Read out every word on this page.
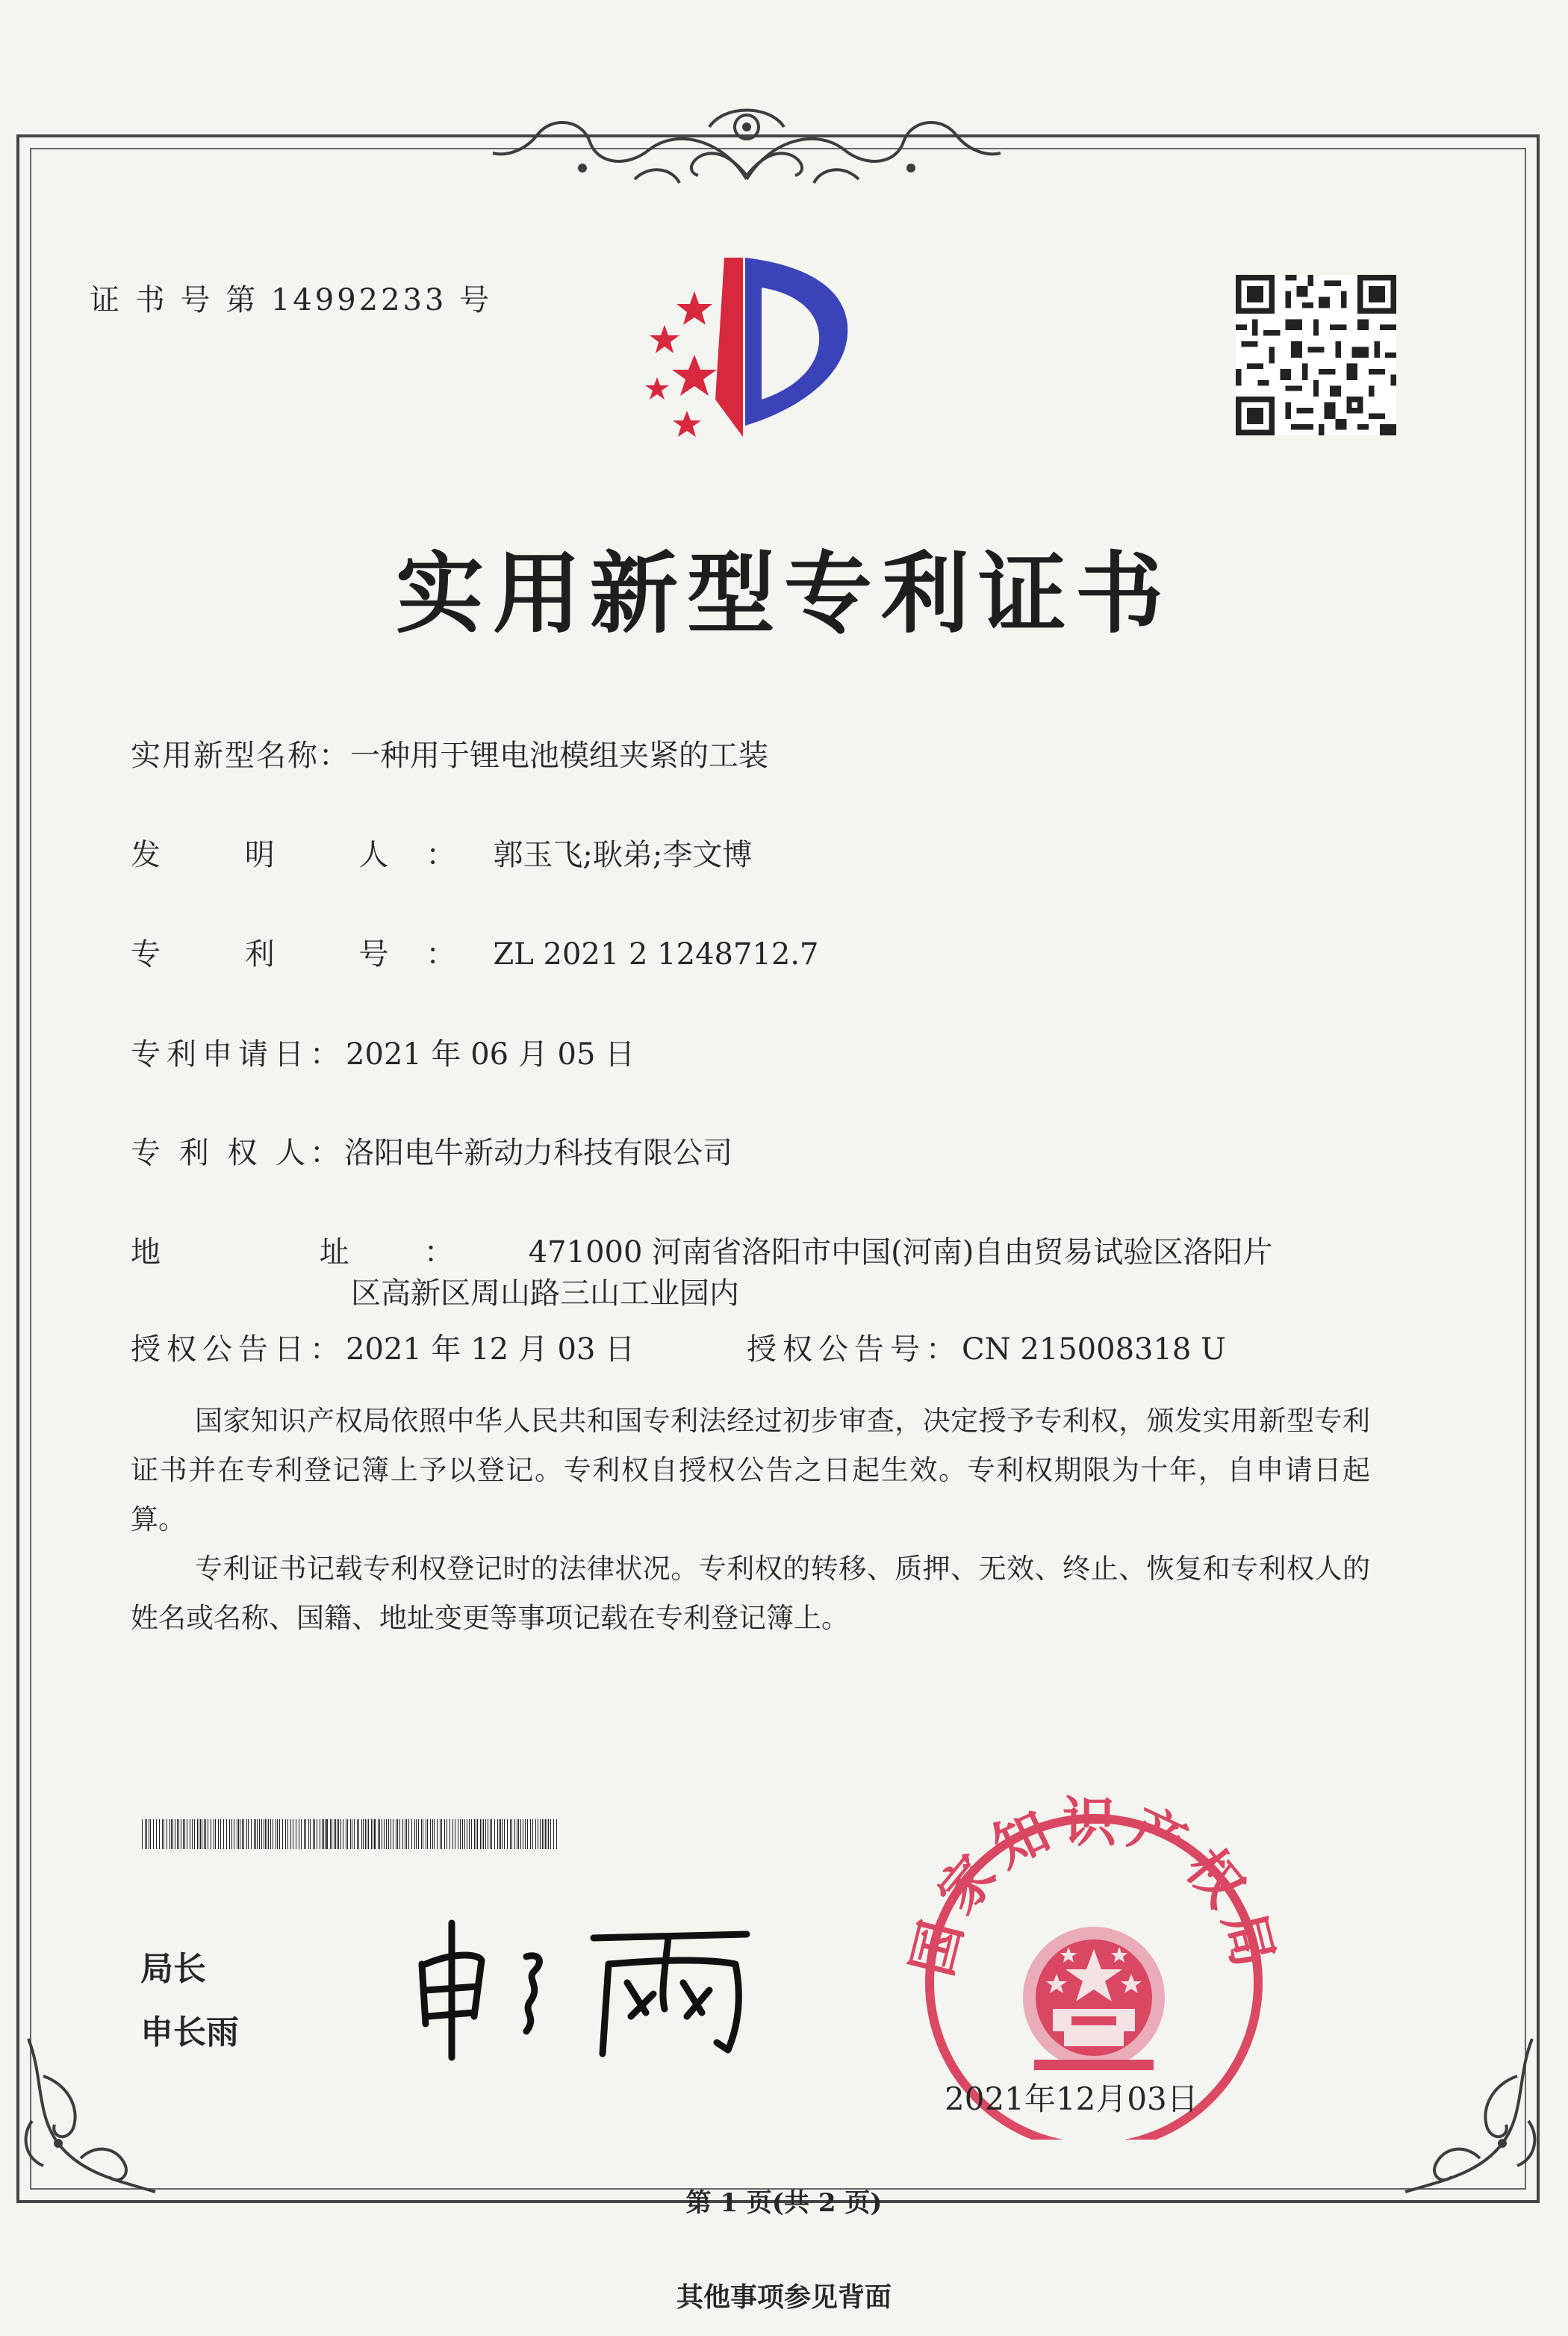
证 书 号 第 14992233 号
实用新型专利证书
实用新型名称：一种用于锂电池模组夹紧的工装
发 明 人：郭玉飞;耿弟;李文博
专 利 号：ZL 2021 2 1248712.7
专利申请日：2021 年 06 月 05 日
专 利 权 人：洛阳电牛新动力科技有限公司
地 址：471000 河南省洛阳市中国(河南)自由贸易试验区洛阳片
区高新区周山路三山工业园内
授权公告日：2021 年 12 月 03 日	授权公告号：CN 215008318 U
国家知识产权局依照中华人民共和国专利法经过初步审查，决定授予专利权，颁发实用新型专利证书并在专利登记簿上予以登记。专利权自授权公告之日起生效。专利权期限为十年，自申请日起算。
专利证书记载专利权登记时的法律状况。专利权的转移、质押、无效、终止、恢复和专利权人的姓名或名称、国籍、地址变更等事项记载在专利登记簿上。
局长
申长雨
国家知识产权局
2021年12月03日
第 1 页(共 2 页)
其他事项参见背面
